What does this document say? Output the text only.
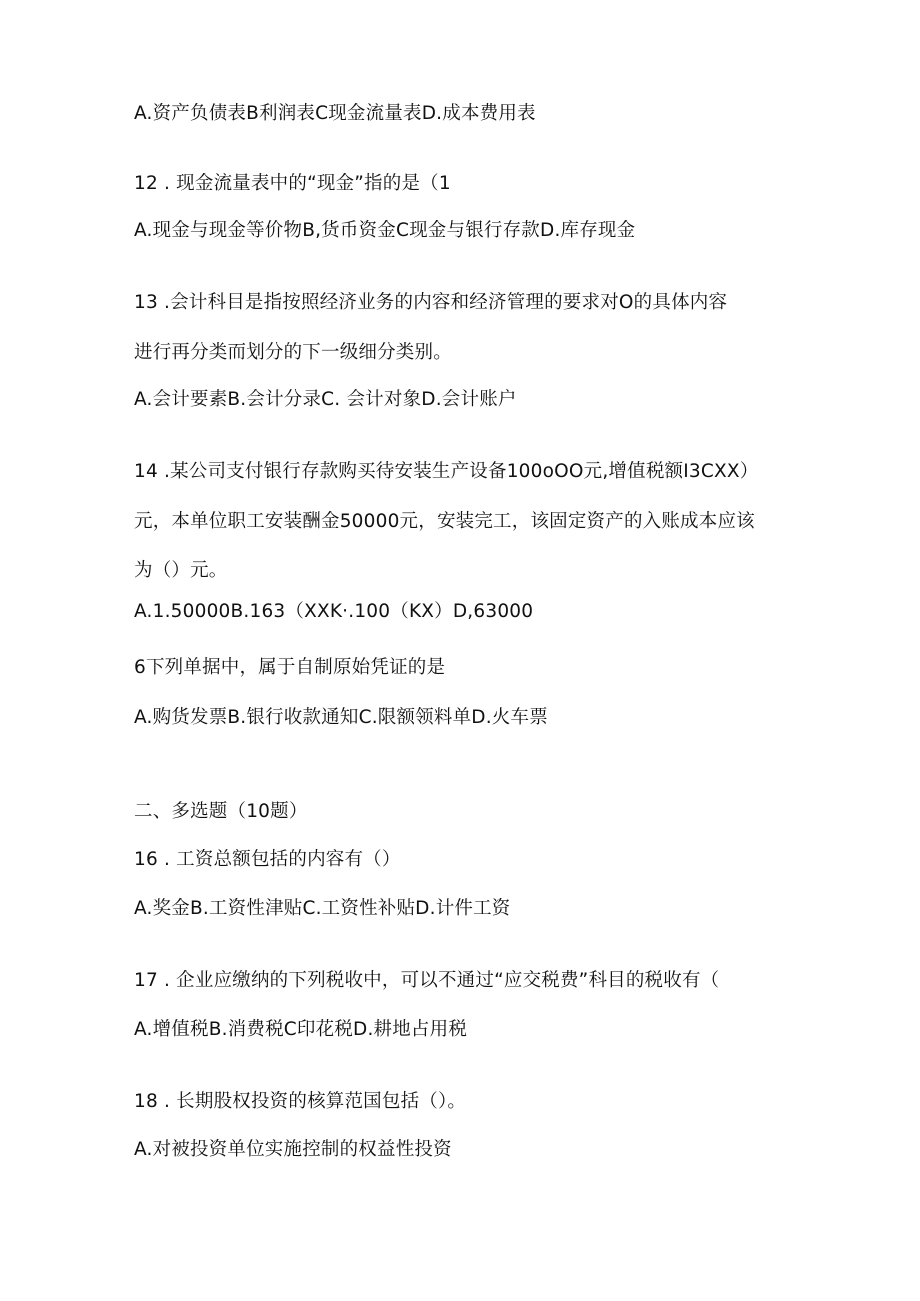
A.资产负债表B利润表C现金流量表D.成本费用表
12 . 现金流量表中的“现金”指的是（1
A.现金与现金等价物B,货币资金C现金与银行存款D.库存现金
13 .会计科目是指按照经济业务的内容和经济管理的要求对O的具体内容
进行再分类而划分的下一级细分类别。
A.会计要素B.会计分录C. 会计对象D.会计账户
14 .某公司支付银行存款购买待安装生产设备100oOO元,增值税额I3CXX）
元，本单位职工安装酬金50000元，安装完工，该固定资产的入账成本应该
为（）元。
A.1.50000B.163（XXK·.100（KX）D,63000
6下列单据中，属于自制原始凭证的是
A.购货发票B.银行收款通知C.限额领料单D.火车票
二、多选题（10题）
16 . 工资总额包括的内容有（）
A.奖金B.工资性津贴C.工资性补贴D.计件工资
17 . 企业应缴纳的下列税收中，可以不通过“应交税费”科目的税收有（
A.增值税B.消费税C印花税D.耕地占用税
18 . 长期股权投资的核算范国包括（）。
A.对被投资单位实施控制的权益性投资
